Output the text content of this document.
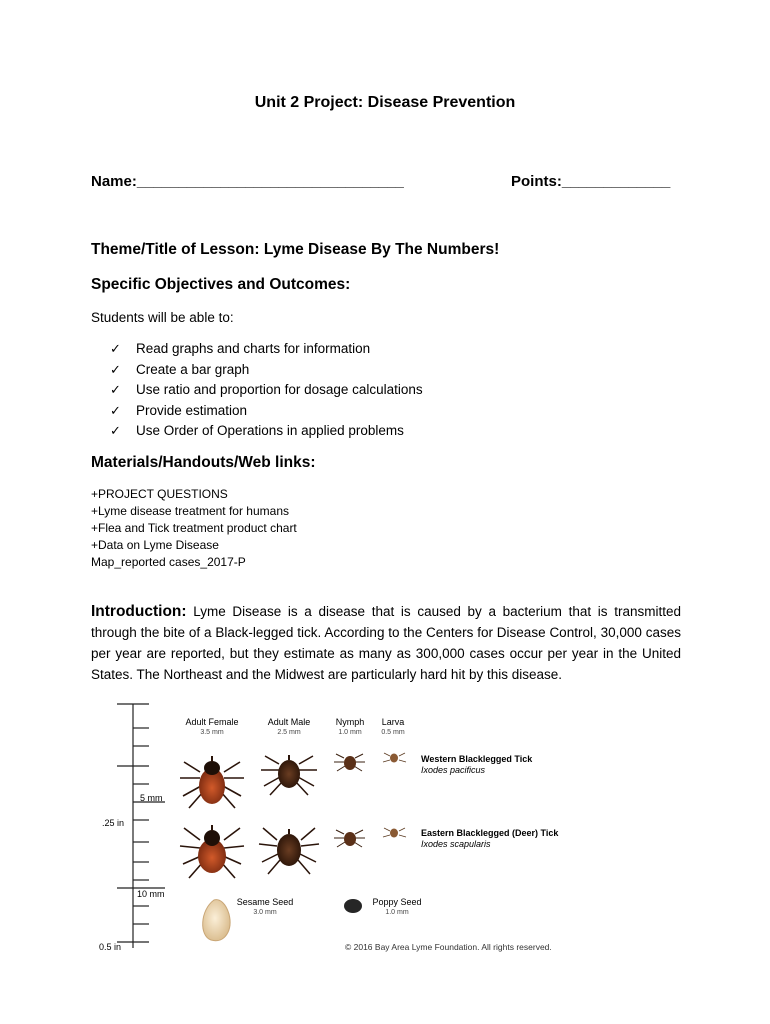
Unit 2 Project: Disease Prevention
Name:________________________________	Points:_____________
Theme/Title of Lesson: Lyme Disease By The Numbers!
Specific Objectives and Outcomes:
Students will be able to:
✓ Read graphs and charts for information
✓ Create a bar graph
✓ Use ratio and proportion for dosage calculations
✓ Provide estimation
✓ Use Order of Operations in applied problems
Materials/Handouts/Web links:
+PROJECT QUESTIONS
+Lyme disease treatment for humans
+Flea and Tick treatment product chart
+Data on Lyme Disease
Map_reported cases_2017-P
Introduction: Lyme Disease is a disease that is caused by a bacterium that is transmitted through the bite of a Black-legged tick. According to the Centers for Disease Control, 30,000 cases per year are reported, but they estimate as many as 300,000 cases occur per year in the United States. The Northeast and the Midwest are particularly hard hit by this disease.
5 mm
.25 in
10 mm
0.5 in
Adult Female
3.5 mm
Adult Male
2.5 mm
Nymph
1.0 mm
Larva
0.5 mm
Western Blacklegged Tick
Ixodes pacificus
Eastern Blacklegged (Deer) Tick
Ixodes scapularis
Sesame Seed
3.0 mm
Poppy Seed
1.0 mm
© 2016 Bay Area Lyme Foundation. All rights reserved.
